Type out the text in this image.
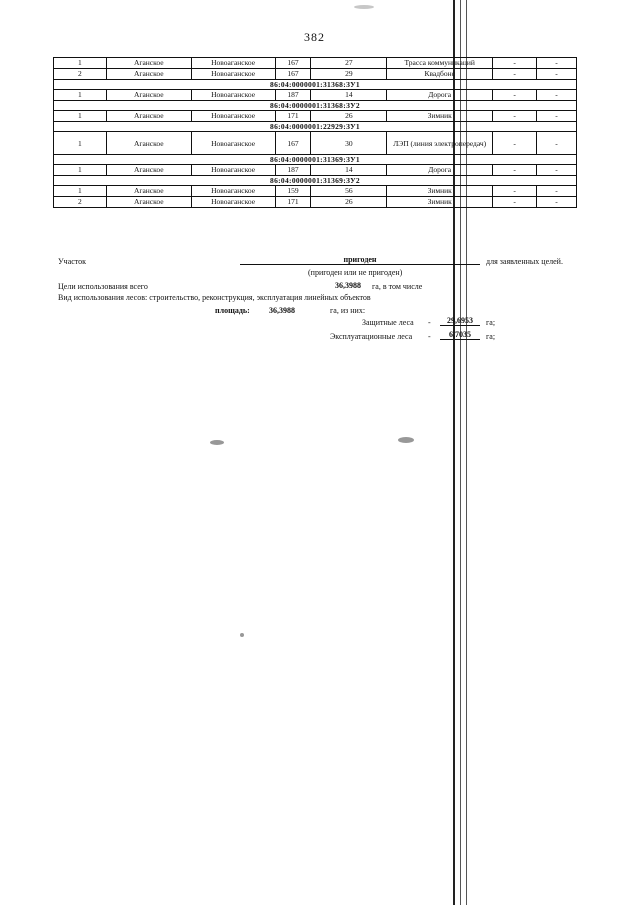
382
1	Аганское	Новоаганское	167	27	Трасса коммуникаций	-	-
2	Аганское	Новоаганское	167	29	Квадбонс	-	-
86:04:0000001:31368:ЗУ1							
1	Аганское	Новоаганское	187	14	Дорога	-	-
86:04:0000001:31368:ЗУ2							
1	Аганское	Новоаганское	171	26	Зимник	-	-
86:04:0000001:22929:ЗУ1							
1	Аганское	Новоаганское	167	30	ЛЭП (линия электропередач)	-	-
86:04:0000001:31369:ЗУ1							
1	Аганское	Новоаганское	187	14	Дорога	-	-
86:04:0000001:31369:ЗУ2							
1	Аганское	Новоаганское	159	56	Зимник	-	-
2	Аганское	Новоаганское	171	26	Зимник	-	-
Участок	пригоден	для заявленных целей.
(пригоден или не пригоден)
Цели использования всего	36,3988 га, в том числе
Вид использования лесов: строительство, реконструкция, эксплуатация линейных объектов
площадь: 36,3988	га, из них:
Защитные леса -	29,6953	га;
Эксплуатационные леса -	6,7035	га;
